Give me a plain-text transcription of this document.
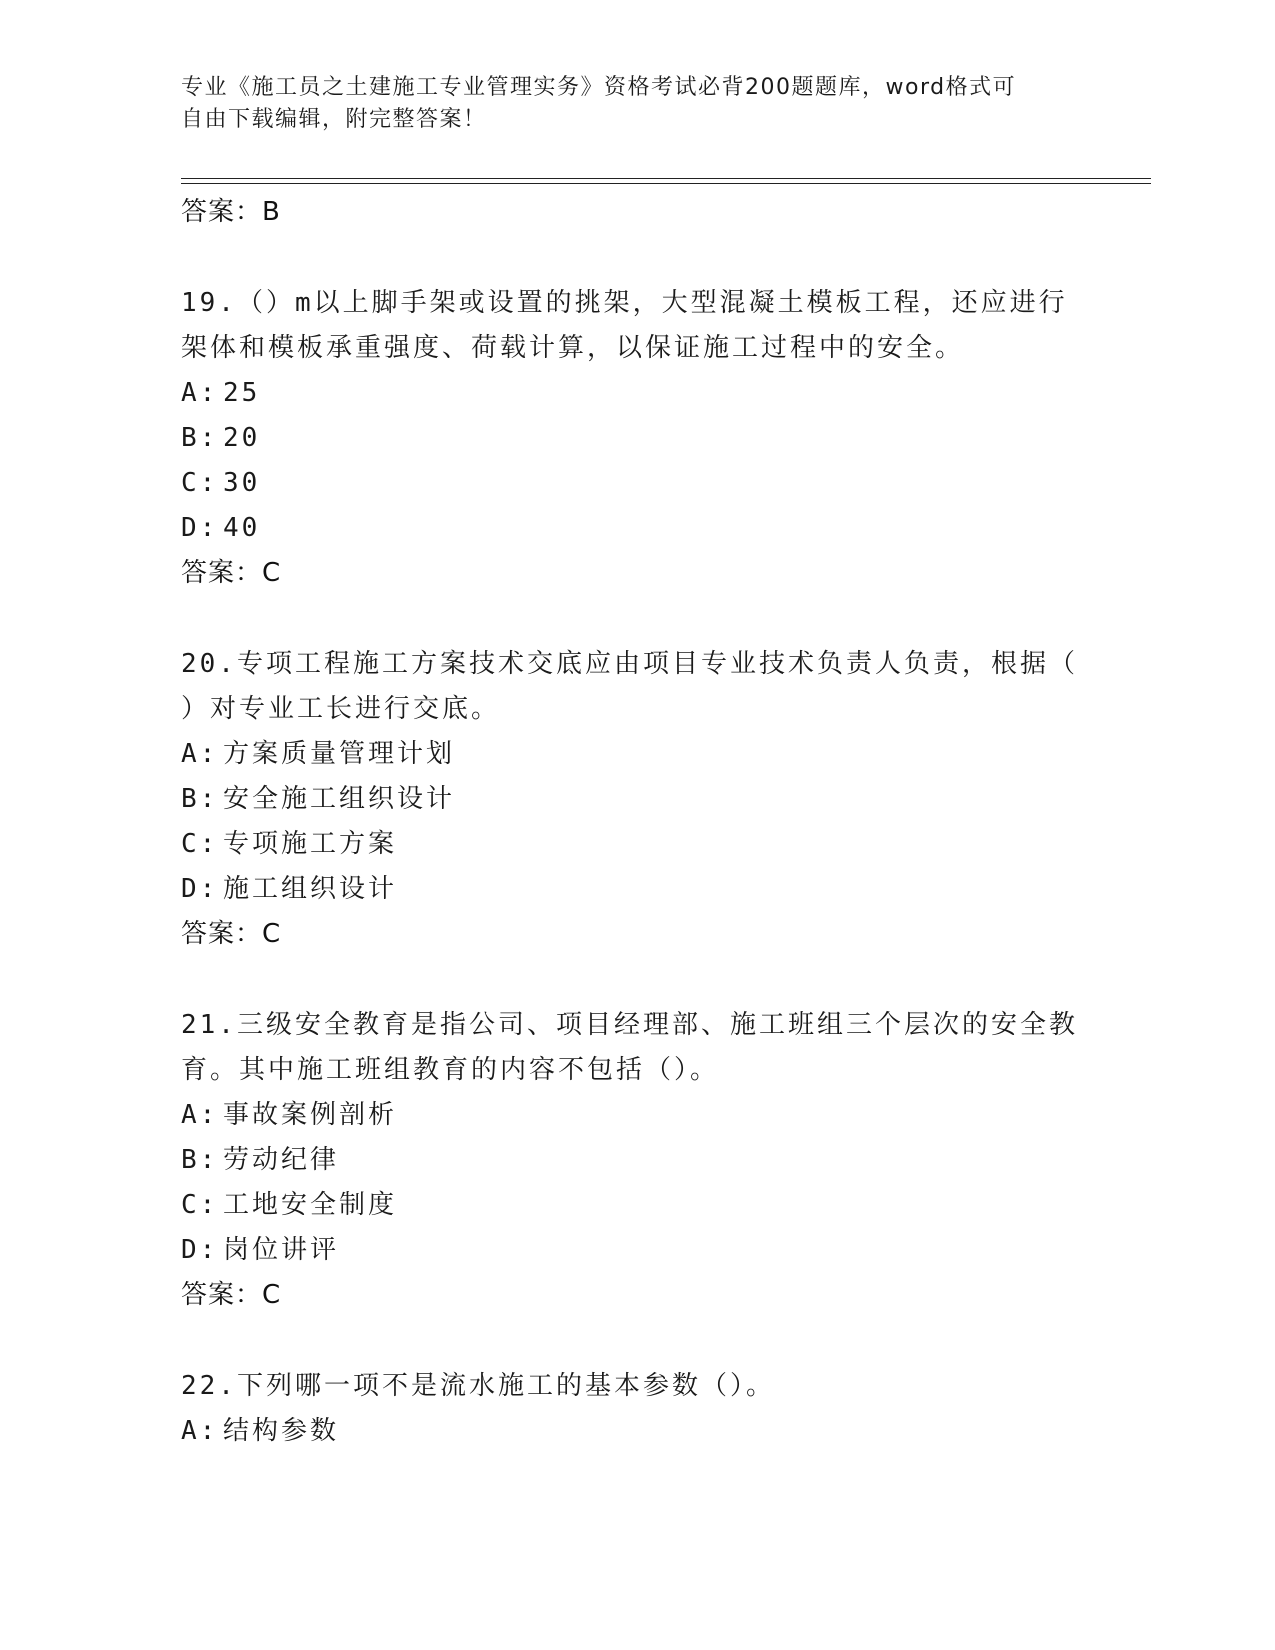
专业《施工员之土建施工专业管理实务》资格考试必背200题题库，word格式可
自由下载编辑，附完整答案！
答案：B
19.（）m以上脚手架或设置的挑架，大型混凝土模板工程，还应进行
架体和模板承重强度、荷载计算，以保证施工过程中的安全。
A: 25
B: 20
C: 30
D: 40
答案：C
20.专项工程施工方案技术交底应由项目专业技术负责人负责，根据（
）对专业工长进行交底。
A: 方案质量管理计划
B: 安全施工组织设计
C: 专项施工方案
D: 施工组织设计
答案：C
21.三级安全教育是指公司、项目经理部、施工班组三个层次的安全教
育。其中施工班组教育的内容不包括（）。
A: 事故案例剖析
B: 劳动纪律
C: 工地安全制度
D: 岗位讲评
答案：C
22.下列哪一项不是流水施工的基本参数（）。
A: 结构参数
